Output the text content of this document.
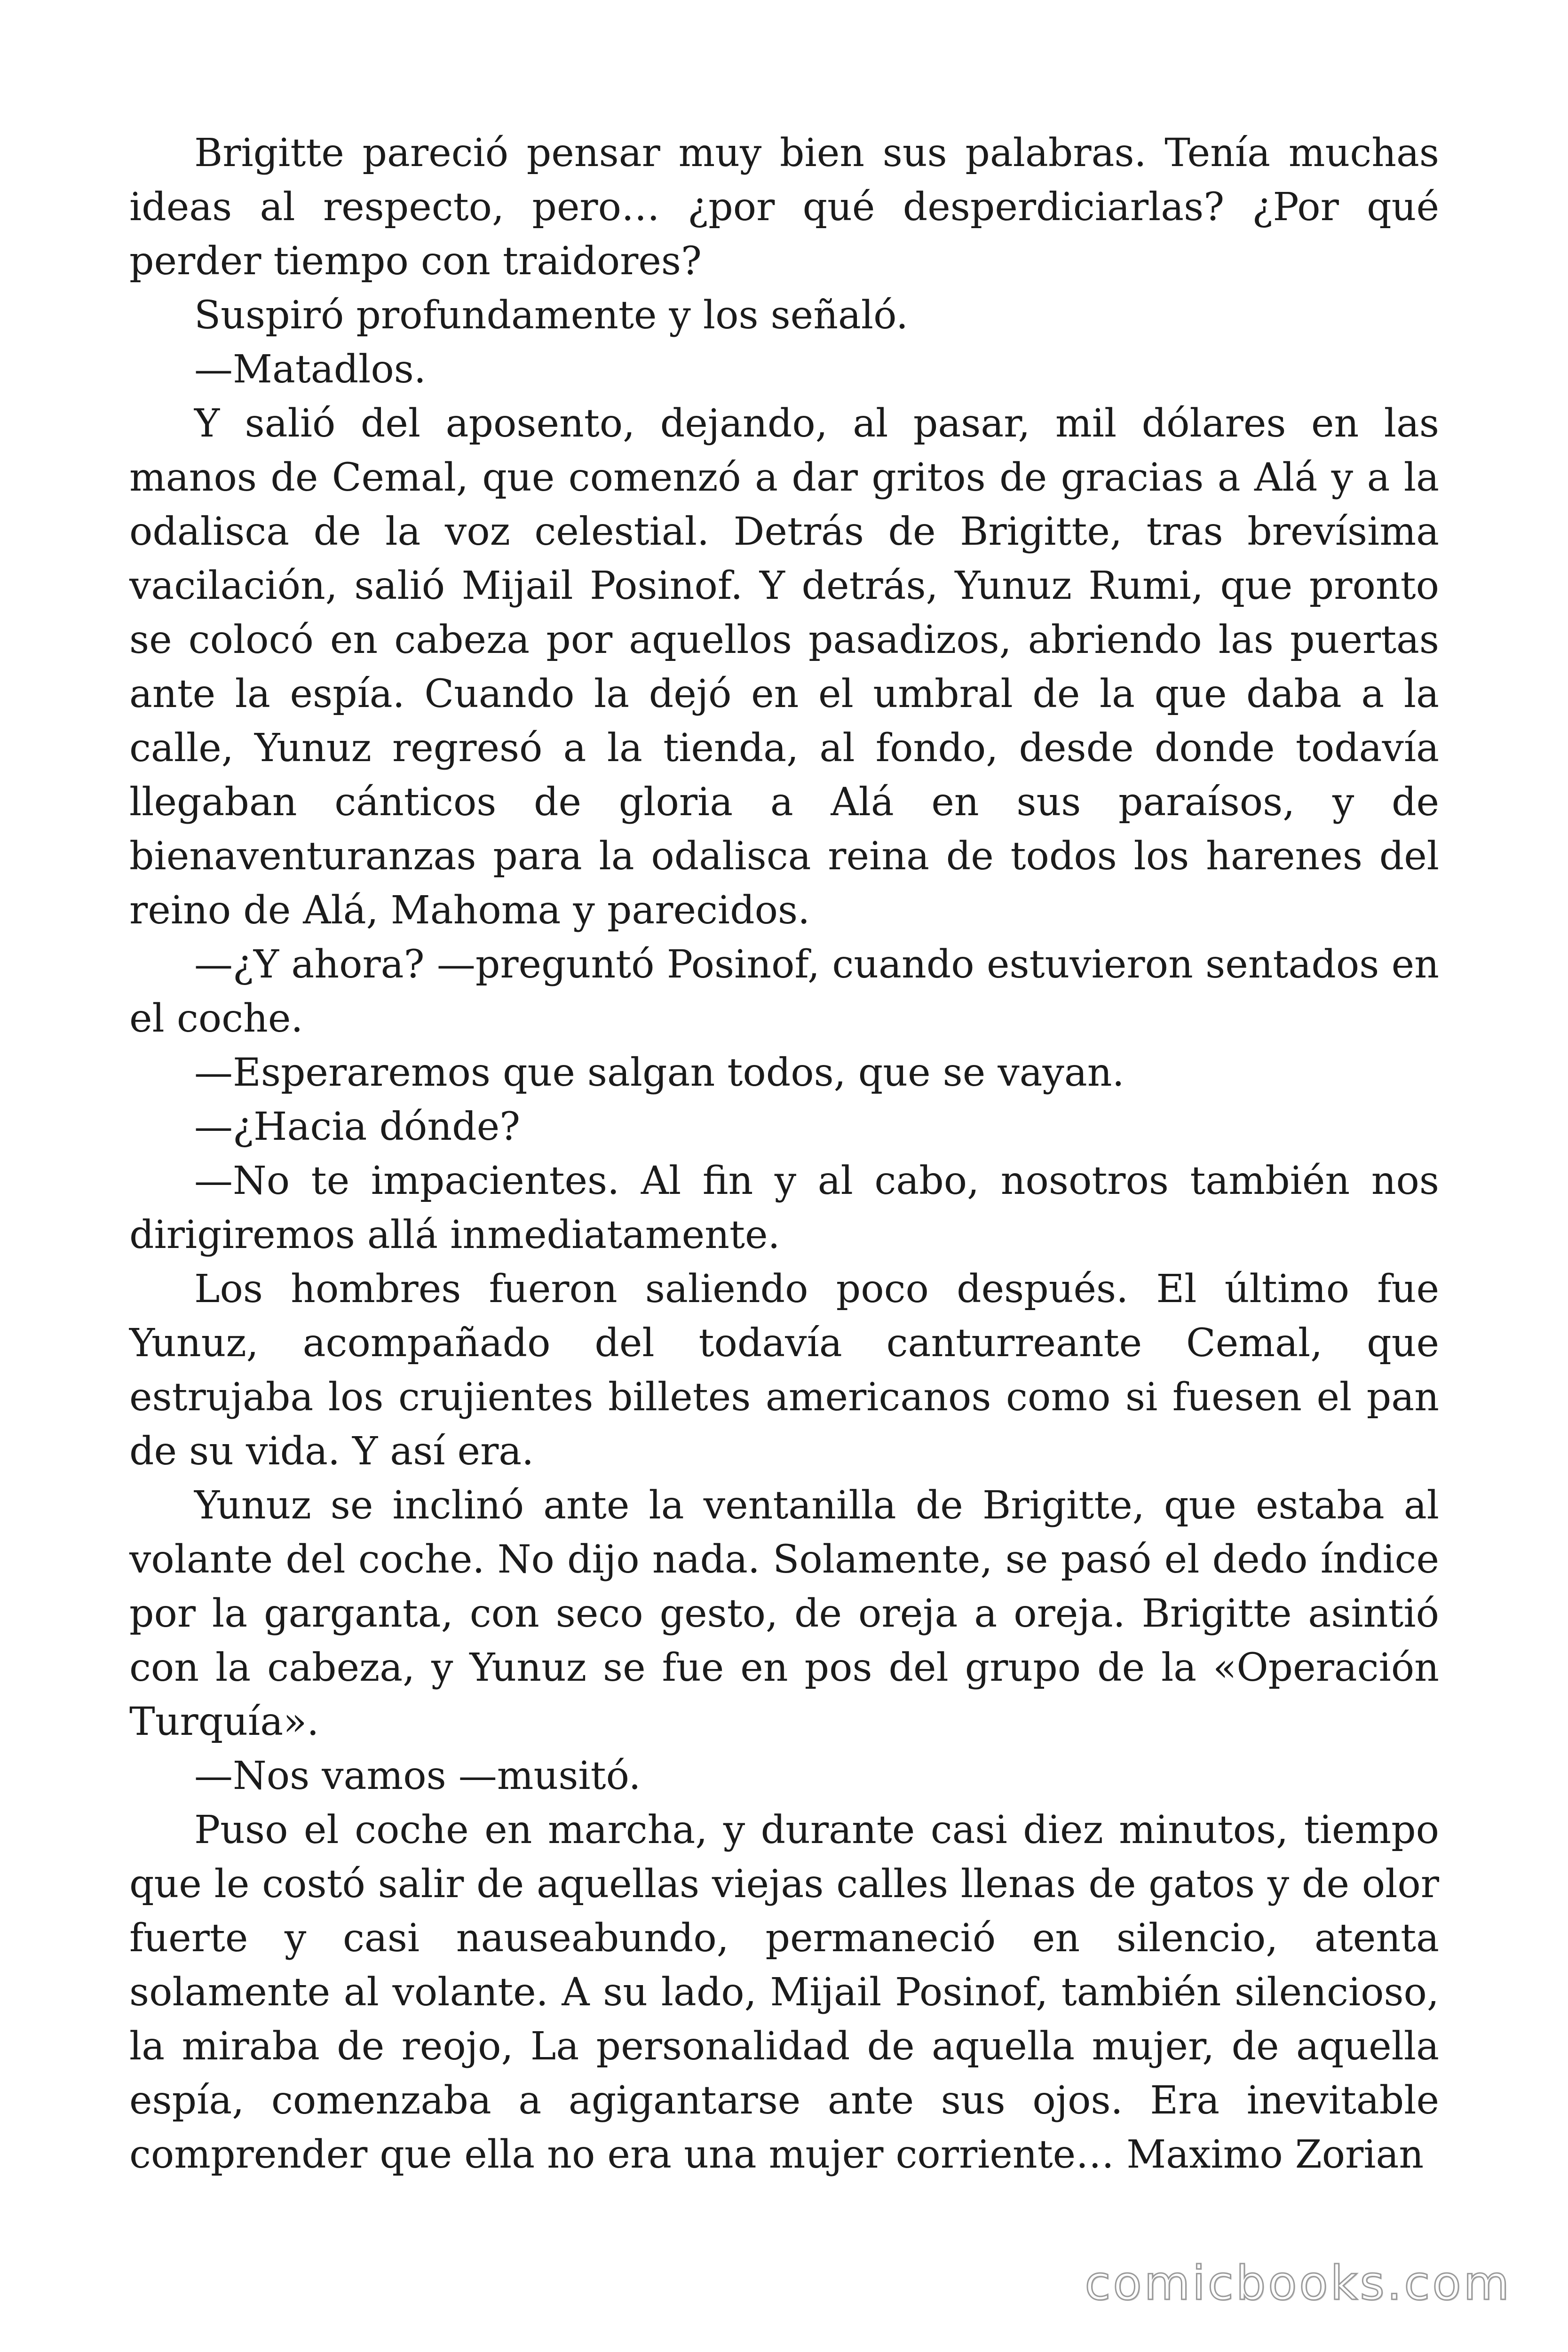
Brigitte pareció pensar muy bien sus palabras. Tenía muchas ideas al respecto, pero… ¿por qué desperdiciarlas? ¿Por qué perder tiempo con traidores?

Suspiró profundamente y los señaló.

—Matadlos.

Y salió del aposento, dejando, al pasar, mil dólares en las manos de Cemal, que comenzó a dar gritos de gracias a Alá y a la odalisca de la voz celestial. Detrás de Brigitte, tras brevísima vacilación, salió Mijail Posinof. Y detrás, Yunuz Rumi, que pronto se colocó en cabeza por aquellos pasadizos, abriendo las puertas ante la espía. Cuando la dejó en el umbral de la que daba a la calle, Yunuz regresó a la tienda, al fondo, desde donde todavía llegaban cánticos de gloria a Alá en sus paraísos, y de bienaventuranzas para la odalisca reina de todos los harenes del reino de Alá, Mahoma y parecidos.

—¿Y ahora? —preguntó Posinof, cuando estuvieron sentados en el coche.

—Esperaremos que salgan todos, que se vayan.

—¿Hacia dónde?

—No te impacientes. Al fin y al cabo, nosotros también nos dirigiremos allá inmediatamente.

Los hombres fueron saliendo poco después. El último fue Yunuz, acompañado del todavía canturreante Cemal, que estrujaba los crujientes billetes americanos como si fuesen el pan de su vida. Y así era.

Yunuz se inclinó ante la ventanilla de Brigitte, que estaba al volante del coche. No dijo nada. Solamente, se pasó el dedo índice por la garganta, con seco gesto, de oreja a oreja. Brigitte asintió con la cabeza, y Yunuz se fue en pos del grupo de la «Operación Turquía».

—Nos vamos —musitó.

Puso el coche en marcha, y durante casi diez minutos, tiempo que le costó salir de aquellas viejas calles llenas de gatos y de olor fuerte y casi nauseabundo, permaneció en silencio, atenta solamente al volante. A su lado, Mijail Posinof, también silencioso, la miraba de reojo, La personalidad de aquella mujer, de aquella espía, comenzaba a agigantarse ante sus ojos. Era inevitable comprender que ella no era una mujer corriente… Maximo Zorian

comicbooks.com
